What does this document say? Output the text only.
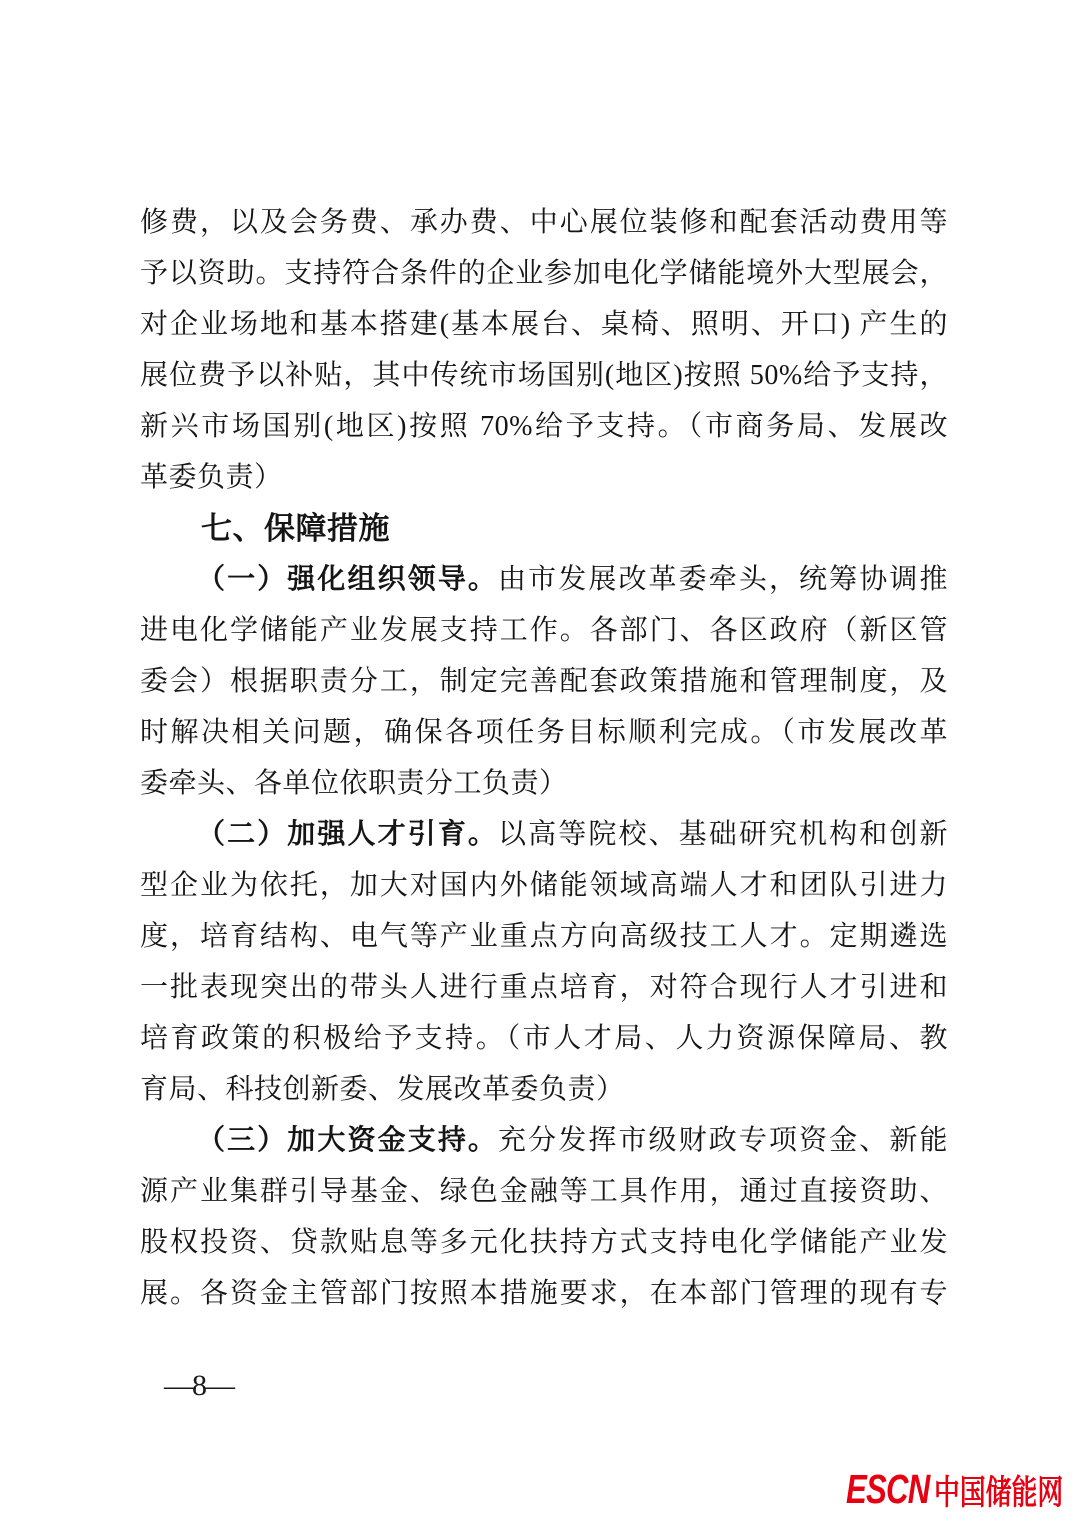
修费，以及会务费、承办费、中心展位装修和配套活动费用等
予以资助。支持符合条件的企业参加电化学储能境外大型展会，
对企业场地和基本搭建(基本展台、桌椅、照明、开口) 产生的
展位费予以补贴，其中传统市场国别(地区)按照 50%给予支持，
新兴市场国别(地区)按照 70%给予支持。（市商务局、发展改
革委负责）
七、保障措施
（一）强化组织领导。由市发展改革委牵头，统筹协调推
进电化学储能产业发展支持工作。各部门、各区政府（新区管
委会）根据职责分工，制定完善配套政策措施和管理制度，及
时解决相关问题，确保各项任务目标顺利完成。（市发展改革
委牵头、各单位依职责分工负责）
（二）加强人才引育。以高等院校、基础研究机构和创新
型企业为依托，加大对国内外储能领域高端人才和团队引进力
度，培育结构、电气等产业重点方向高级技工人才。定期遴选
一批表现突出的带头人进行重点培育，对符合现行人才引进和
培育政策的积极给予支持。（市人才局、人力资源保障局、教
育局、科技创新委、发展改革委负责）
（三）加大资金支持。充分发挥市级财政专项资金、新能
源产业集群引导基金、绿色金融等工具作用，通过直接资助、
股权投资、贷款贴息等多元化扶持方式支持电化学储能产业发
展。各资金主管部门按照本措施要求，在本部门管理的现有专
—8—
ESCN 中国储能网
